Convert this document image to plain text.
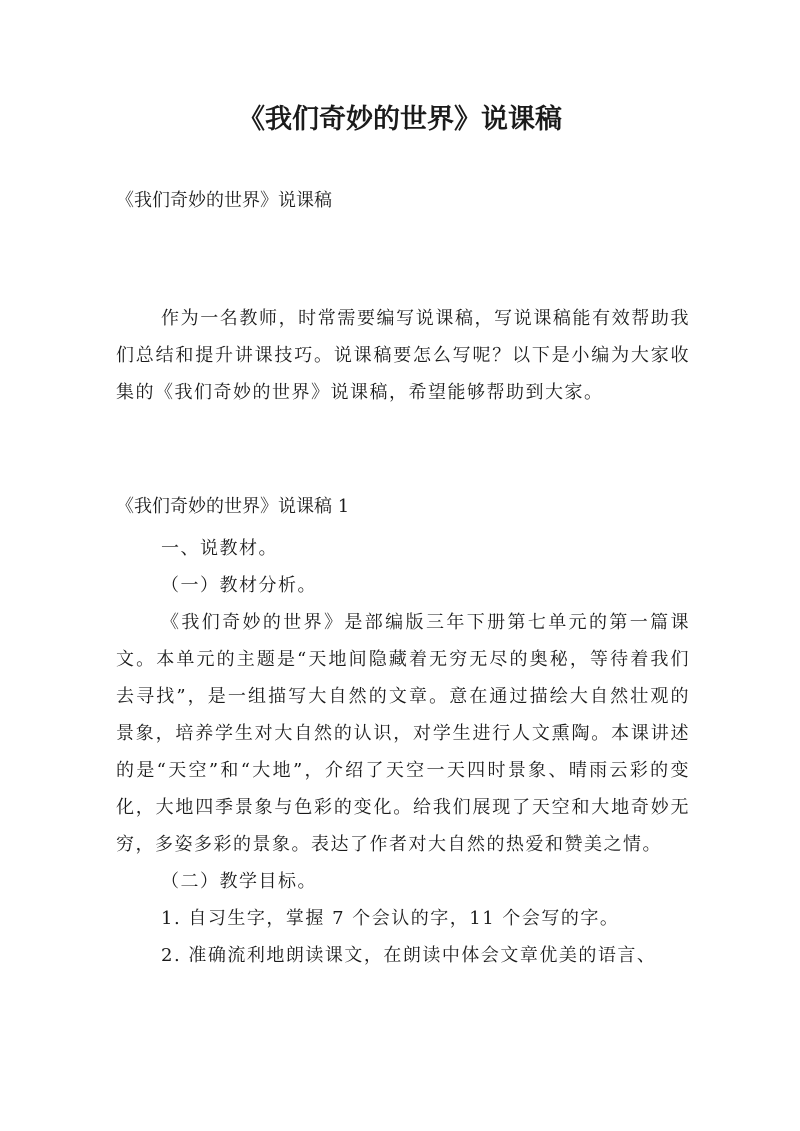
《我们奇妙的世界》说课稿
《我们奇妙的世界》说课稿
作为一名教师，时常需要编写说课稿，写说课稿能有效帮助我们总结和提升讲课技巧。说课稿要怎么写呢？以下是小编为大家收集的《我们奇妙的世界》说课稿，希望能够帮助到大家。
《我们奇妙的世界》说课稿 1

一、说教材。

（一）教材分析。

《我们奇妙的世界》是部编版三年下册第七单元的第一篇课文。本单元的主题是“天地间隐藏着无穷无尽的奥秘，等待着我们去寻找”，是一组描写大自然的文章。意在通过描绘大自然壮观的景象，培养学生对大自然的认识，对学生进行人文熏陶。本课讲述的是“天空”和“大地”，介绍了天空一天四时景象、晴雨云彩的变化，大地四季景象与色彩的变化。给我们展现了天空和大地奇妙无穷，多姿多彩的景象。表达了作者对大自然的热爱和赞美之情。

（二）教学目标。

1. 自习生字，掌握 7 个会认的字，11 个会写的字。

2. 准确流利地朗读课文，在朗读中体会文章优美的语言、
